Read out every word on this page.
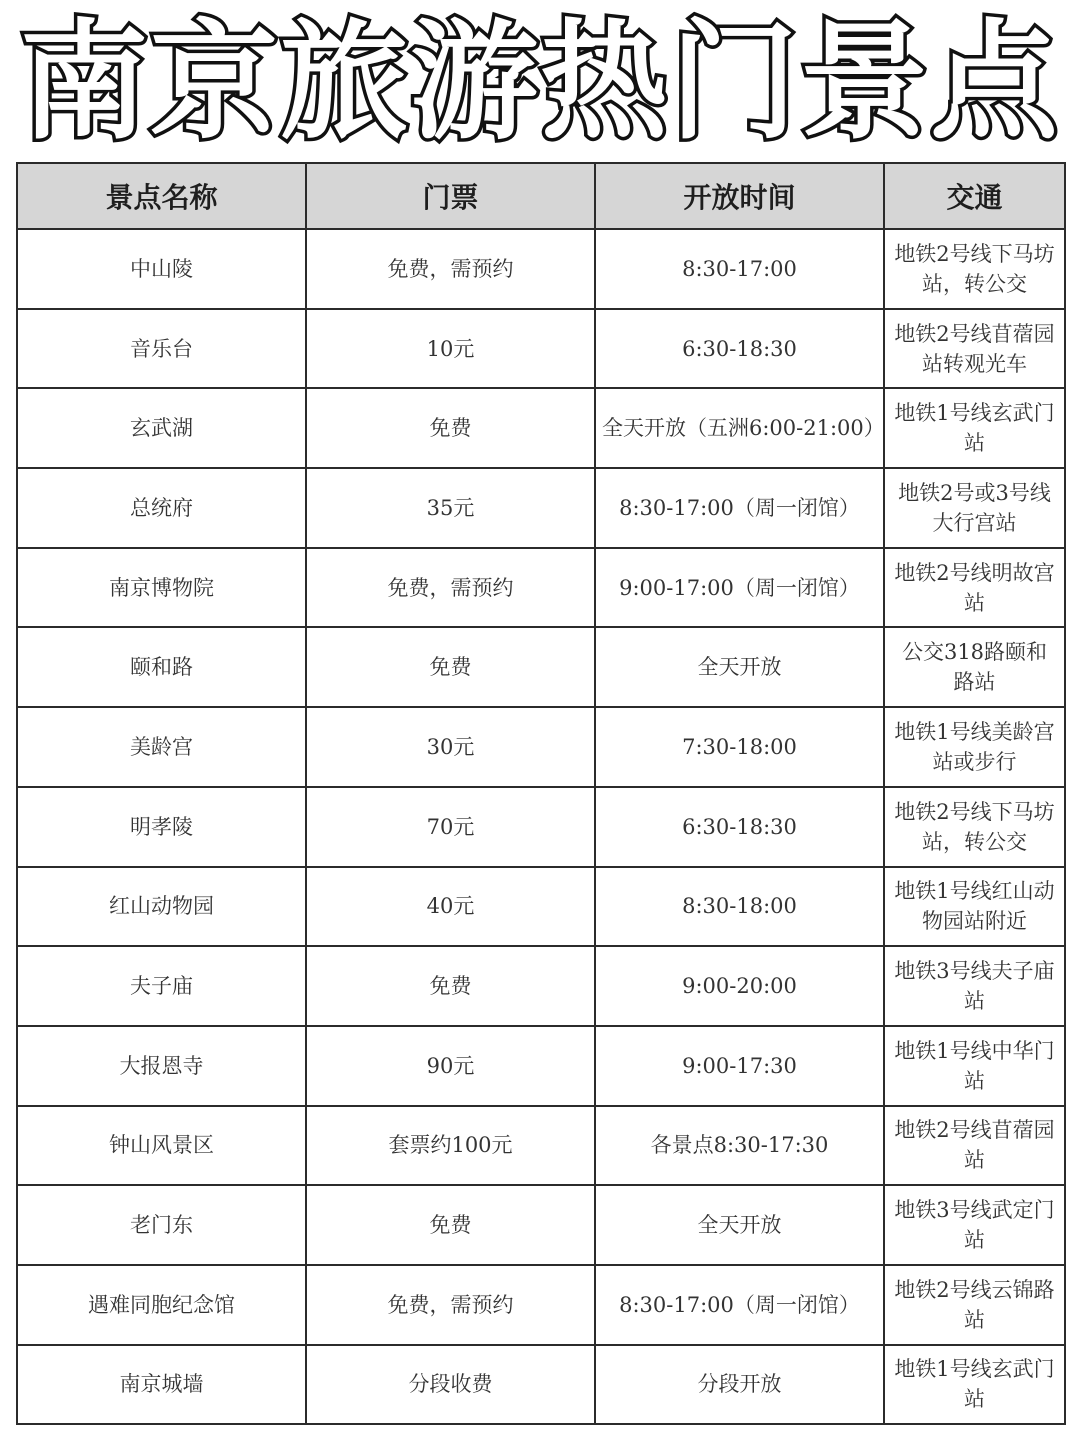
南京旅游热门景点
景点名称	门票	开放时间	交通
中山陵	免费，需预约	8:30-17:00	地铁2号线下马坊站，转公交
音乐台	10元	6:30-18:30	地铁2号线苜蓿园站转观光车
玄武湖	免费	全天开放（五洲6:00-21:00）	地铁1号线玄武门站
总统府	35元	8:30-17:00（周一闭馆）	地铁2号或3号线大行宫站
南京博物院	免费，需预约	9:00-17:00（周一闭馆）	地铁2号线明故宫站
颐和路	免费	全天开放	公交318路颐和路站
美龄宫	30元	7:30-18:00	地铁1号线美龄宫站或步行
明孝陵	70元	6:30-18:30	地铁2号线下马坊站，转公交
红山动物园	40元	8:30-18:00	地铁1号线红山动物园站附近
夫子庙	免费	9:00-20:00	地铁3号线夫子庙站
大报恩寺	90元	9:00-17:30	地铁1号线中华门站
钟山风景区	套票约100元	各景点8:30-17:30	地铁2号线苜蓿园站
老门东	免费	全天开放	地铁3号线武定门站
遇难同胞纪念馆	免费，需预约	8:30-17:00（周一闭馆）	地铁2号线云锦路站
南京城墙	分段收费	分段开放	地铁1号线玄武门站
